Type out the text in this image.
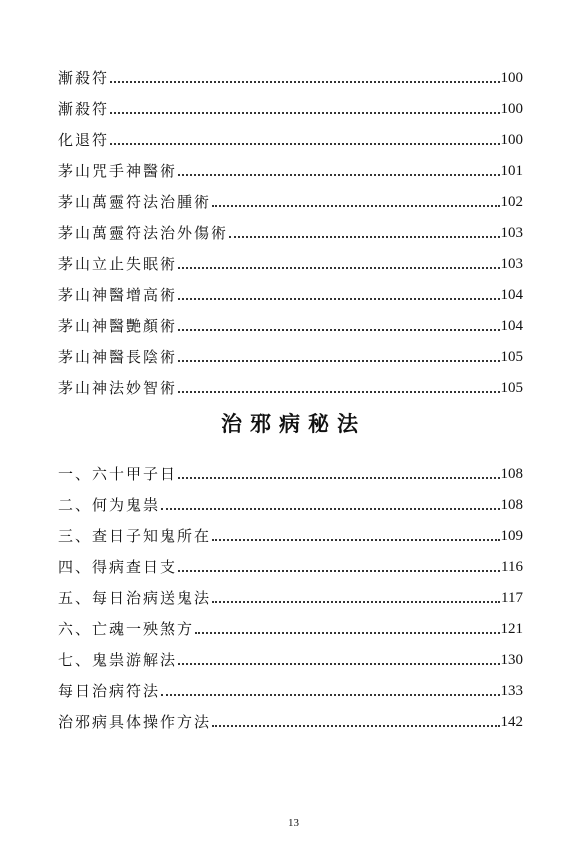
漸殺符	100
漸殺符	100
化退符	100
茅山咒手神醫術	101
茅山萬靈符法治腫術	102
茅山萬靈符法治外傷術	103
茅山立止失眠術	103
茅山神醫增高術	104
茅山神醫艷顏術	104
茅山神醫長陰術	105
茅山神法妙智術	105
治邪病秘法
一、六十甲子日	108
二、何为鬼祟	108
三、查日子知鬼所在	109
四、得病查日支	116
五、每日治病送鬼法	117
六、亡魂一殃煞方	121
七、鬼祟游解法	130
每日治病符法	133
治邪病具体操作方法	142
13
